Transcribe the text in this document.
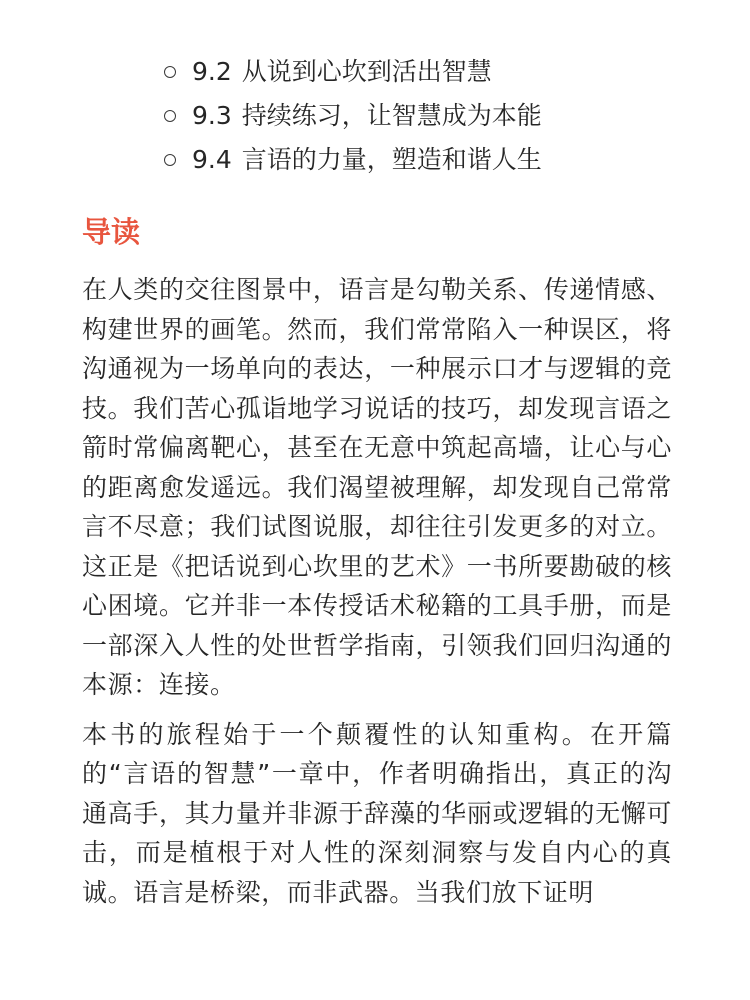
9.2 从说到心坎到活出智慧
9.3 持续练习，让智慧成为本能
9.4 言语的力量，塑造和谐人生
导读

在人类的交往图景中，语言是勾勒关系、传递情感、构建世界的画笔。然而，我们常常陷入一种误区，将沟通视为一场单向的表达，一种展示口才与逻辑的竞技。我们苦心孤诣地学习说话的技巧，却发现言语之箭时常偏离靶心，甚至在无意中筑起高墙，让心与心的距离愈发遥远。我们渴望被理解，却发现自己常常言不尽意；我们试图说服，却往往引发更多的对立。这正是《把话说到心坎里的艺术》一书所要勘破的核心困境。它并非一本传授话术秘籍的工具手册，而是一部深入人性的处世哲学指南，引领我们回归沟通的本源：连接。

本书的旅程始于一个颠覆性的认知重构。在开篇的“言语的智慧”一章中，作者明确指出，真正的沟通高手，其力量并非源于辞藻的华丽或逻辑的无懈可击，而是植根于对人性的深刻洞察与发自内心的真诚。语言是桥梁，而非武器。当我们放下证明
